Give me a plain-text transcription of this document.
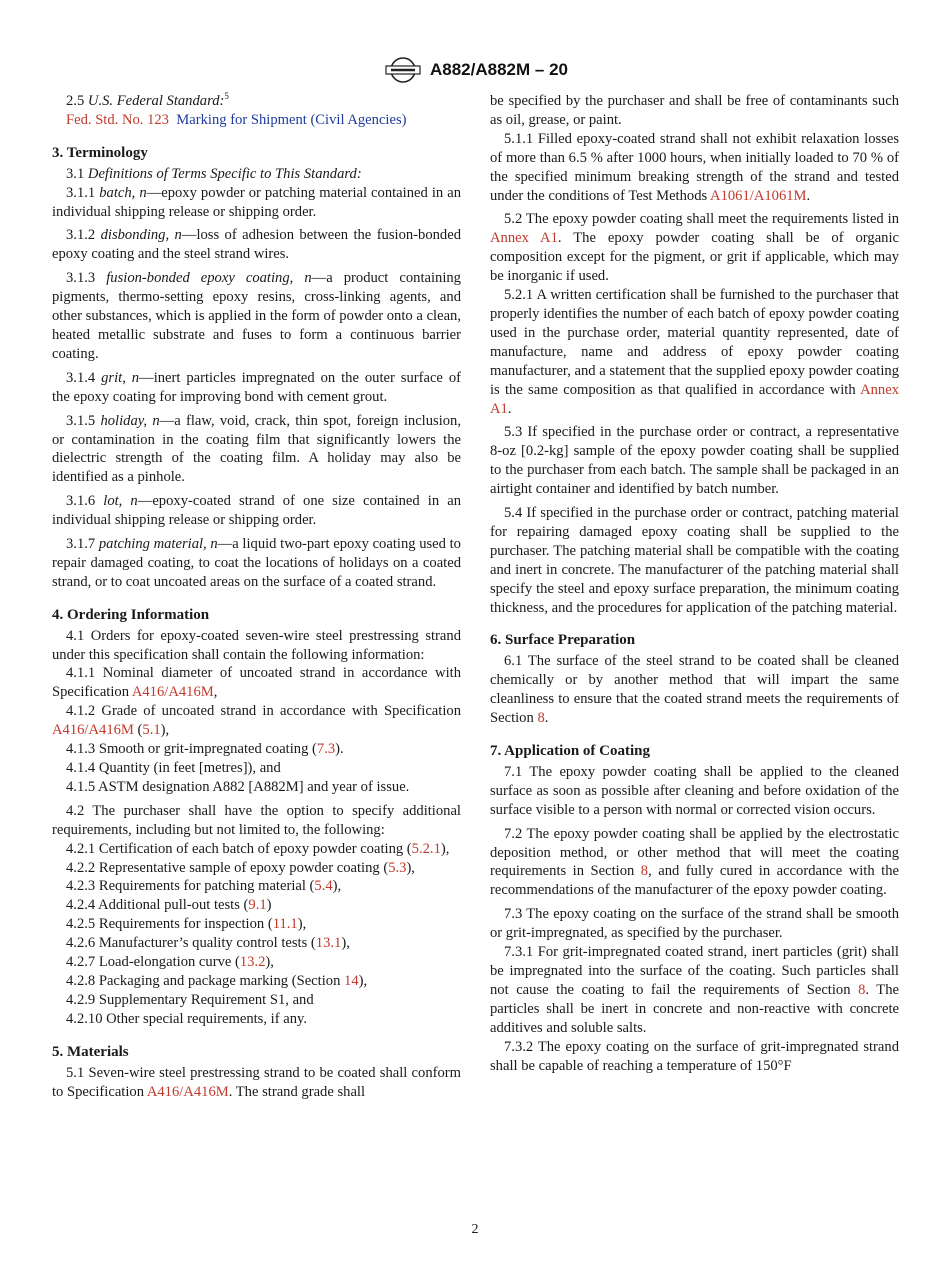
A882/A882M – 20

2.5 U.S. Federal Standard:$^5$

Fed. Std. No. 123 Marking for Shipment (Civil Agencies)

3. Terminology

3.1 Definitions of Terms Specific to This Standard:

3.1.1 batch, n—epoxy powder or patching material contained in an individual shipping release or shipping order.

3.1.2 disbonding, n—loss of adhesion between the fusion-bonded epoxy coating and the steel strand wires.

3.1.3 fusion-bonded epoxy coating, n—a product containing pigments, thermo-setting epoxy resins, cross-linking agents, and other substances, which is applied in the form of powder onto a clean, heated metallic substrate and fuses to form a continuous barrier coating.

3.1.4 grit, n—inert particles impregnated on the outer surface of the epoxy coating for improving bond with cement grout.

3.1.5 holiday, n—a flaw, void, crack, thin spot, foreign inclusion, or contamination in the coating film that significantly lowers the dielectric strength of the coating film. A holiday may also be identified as a pinhole.

3.1.6 lot, n—epoxy-coated strand of one size contained in an individual shipping release or shipping order.

3.1.7 patching material, n—a liquid two-part epoxy coating used to repair damaged coating, to coat the locations of holidays on a coated strand, or to coat uncoated areas on the surface of a coated strand.

4. Ordering Information

4.1 Orders for epoxy-coated seven-wire steel prestressing strand under this specification shall contain the following information:

4.1.1 Nominal diameter of uncoated strand in accordance with Specification A416/A416M,

4.1.2 Grade of uncoated strand in accordance with Specification A416/A416M (5.1),

4.1.3 Smooth or grit-impregnated coating (7.3).

4.1.4 Quantity (in feet [metres]), and

4.1.5 ASTM designation A882 [A882M] and year of issue.

4.2 The purchaser shall have the option to specify additional requirements, including but not limited to, the following:

4.2.1 Certification of each batch of epoxy powder coating (5.2.1),

4.2.2 Representative sample of epoxy powder coating (5.3),

4.2.3 Requirements for patching material (5.4),

4.2.4 Additional pull-out tests (9.1)

4.2.5 Requirements for inspection (11.1),

4.2.6 Manufacturer’s quality control tests (13.1),

4.2.7 Load-elongation curve (13.2),

4.2.8 Packaging and package marking (Section 14),

4.2.9 Supplementary Requirement S1, and

4.2.10 Other special requirements, if any.

5. Materials

5.1 Seven-wire steel prestressing strand to be coated shall conform to Specification A416/A416M. The strand grade shall

be specified by the purchaser and shall be free of contaminants such as oil, grease, or paint.

5.1.1 Filled epoxy-coated strand shall not exhibit relaxation losses of more than 6.5 % after 1000 hours, when initially loaded to 70 % of the specified minimum breaking strength of the strand and tested under the conditions of Test Methods A1061/A1061M.

5.2 The epoxy powder coating shall meet the requirements listed in Annex A1. The epoxy powder coating shall be of organic composition except for the pigment, or grit if applicable, which may be inorganic if used.

5.2.1 A written certification shall be furnished to the purchaser that properly identifies the number of each batch of epoxy powder coating used in the purchase order, material quantity represented, date of manufacture, name and address of epoxy powder coating manufacturer, and a statement that the supplied epoxy powder coating is the same composition as that qualified in accordance with Annex A1.

5.3 If specified in the purchase order or contract, a representative 8-oz [0.2-kg] sample of the epoxy powder coating shall be supplied to the purchaser from each batch. The sample shall be packaged in an airtight container and identified by batch number.

5.4 If specified in the purchase order or contract, patching material for repairing damaged epoxy coating shall be supplied to the purchaser. The patching material shall be compatible with the coating and inert in concrete. The manufacturer of the patching material shall specify the steel and epoxy surface preparation, the minimum coating thickness, and the procedures for application of the patching material.

6. Surface Preparation

6.1 The surface of the steel strand to be coated shall be cleaned chemically or by another method that will impart the same cleanliness to ensure that the coated strand meets the requirements of Section 8.

7. Application of Coating

7.1 The epoxy powder coating shall be applied to the cleaned surface as soon as possible after cleaning and before oxidation of the surface visible to a person with normal or corrected vision occurs.

7.2 The epoxy powder coating shall be applied by the electrostatic deposition method, or other method that will meet the coating requirements in Section 8, and fully cured in accordance with the recommendations of the manufacturer of the epoxy powder coating.

7.3 The epoxy coating on the surface of the strand shall be smooth or grit-impregnated, as specified by the purchaser.

7.3.1 For grit-impregnated coated strand, inert particles (grit) shall be impregnated into the surface of the coating. Such particles shall not cause the coating to fail the requirements of Section 8. The particles shall be inert in concrete and non-reactive with concrete additives and soluble salts.

7.3.2 The epoxy coating on the surface of grit-impregnated strand shall be capable of reaching a temperature of 150°F

2
